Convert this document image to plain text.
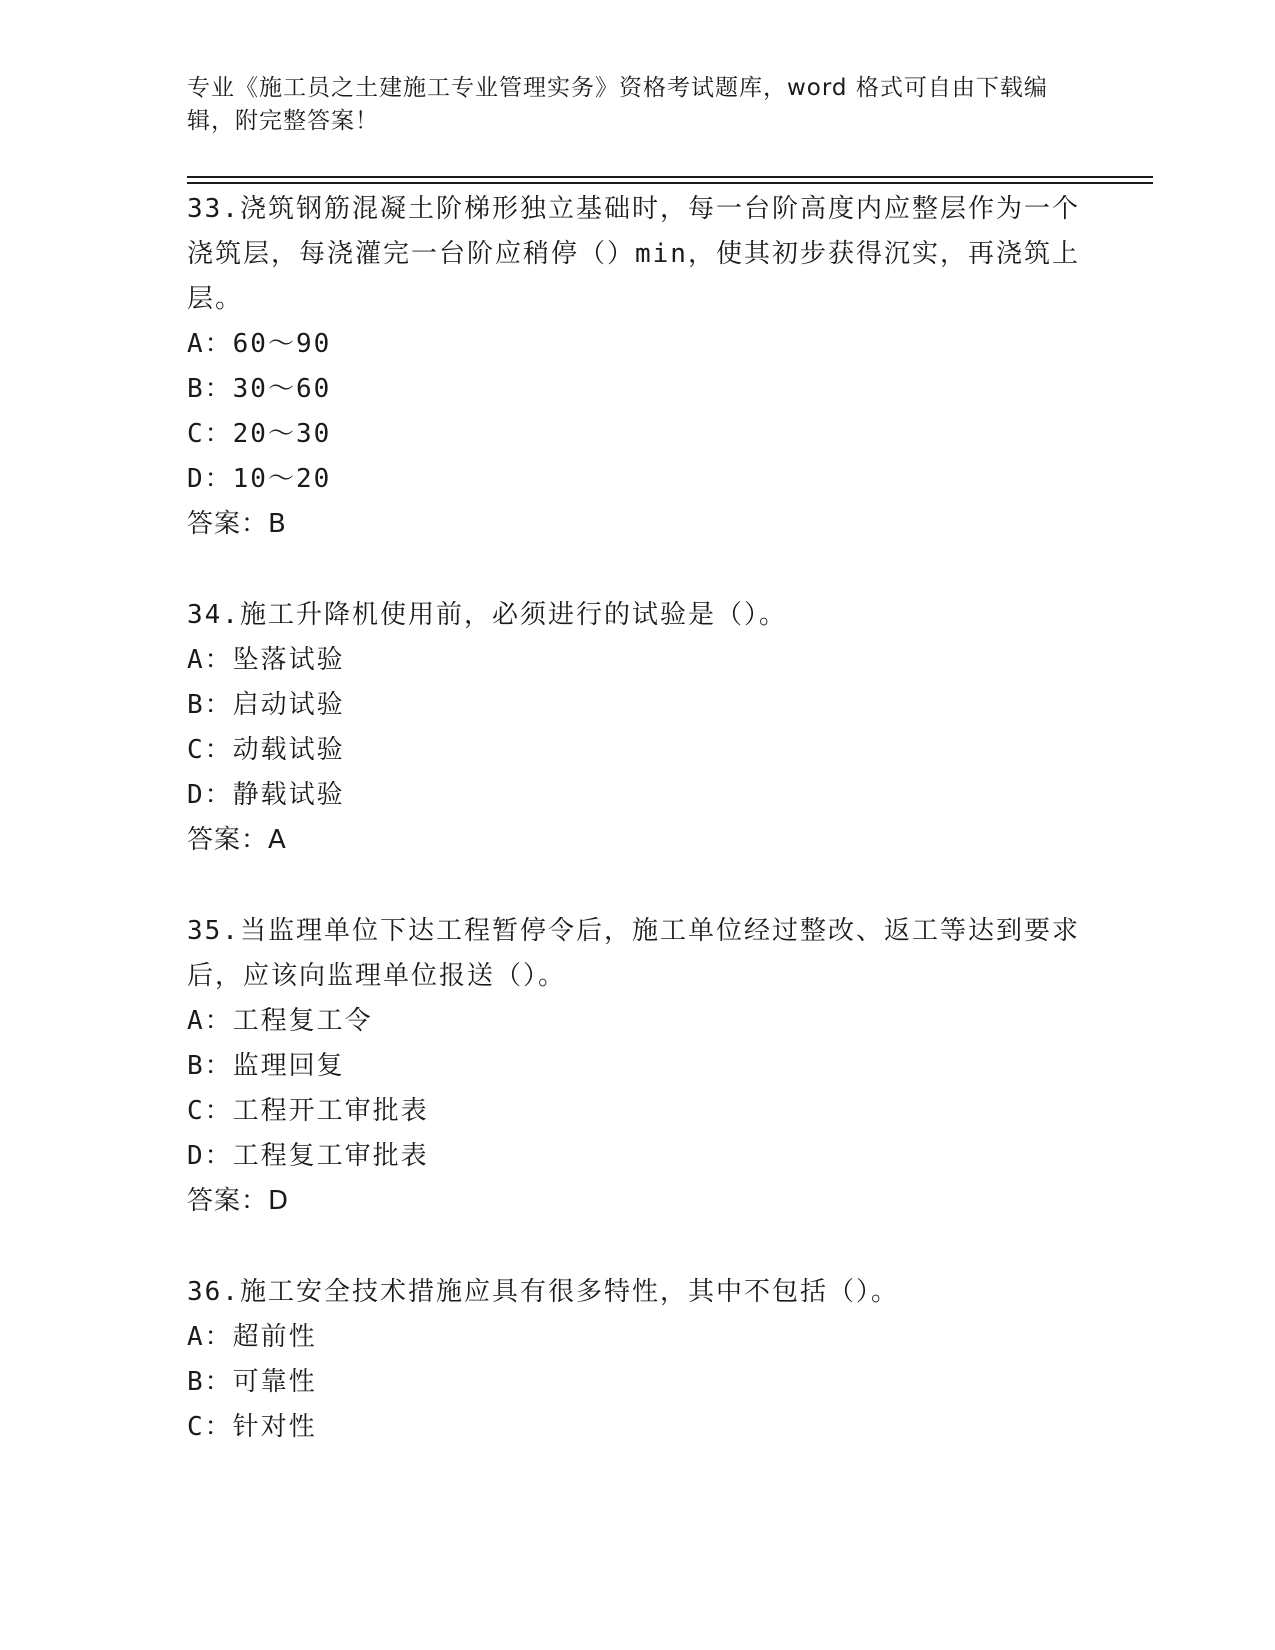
专业《施工员之土建施工专业管理实务》资格考试题库，word 格式可自由下载编辑，附完整答案！

33.浇筑钢筋混凝土阶梯形独立基础时，每一台阶高度内应整层作为一个浇筑层，每浇灌完一台阶应稍停（）min，使其初步获得沉实，再浇筑上层。

A：60～90

B：30～60

C：20～30

D：10～20

答案：B

34.施工升降机使用前，必须进行的试验是（）。

A：坠落试验

B：启动试验

C：动载试验

D：静载试验

答案：A

35.当监理单位下达工程暂停令后，施工单位经过整改、返工等达到要求后，应该向监理单位报送（）。

A：工程复工令

B：监理回复

C：工程开工审批表

D：工程复工审批表

答案：D

36.施工安全技术措施应具有很多特性，其中不包括（）。

A：超前性

B：可靠性

C：针对性
